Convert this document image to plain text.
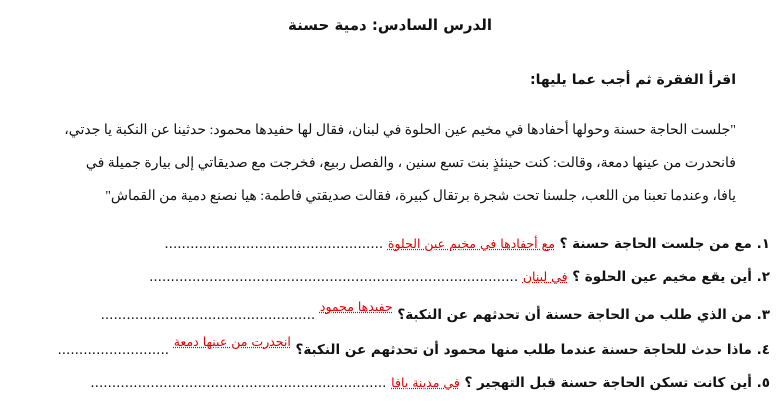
الدرس السادس: دمية حسنة
اقرأ الفقرة ثم أجب عما يليها:

"جلست الحاجة حسنة وحولها أحفادها في مخيم عين الحلوة في لبنان، فقال لها حفيدها محمود: حدثينا عن النكبة يا جدتي،

فانحدرت من عينها دمعة، وقالت: كنت حينئذٍ بنت تسع سنين ، والفصل ربيع، فخرجت مع صديقاتي إلى بيارة جميلة في

يافا، وعندما تعبنا من اللعب، جلسنا تحت شجرة برتقال كبيرة، فقالت صديقتي فاطمة: هيا نصنع دمية من القماش"

١. مع من جلست الحاجة حسنة ؟ مع أحفادها في مخيم عين الحلوة ...................................................
٢. أين يقع مخيم عين الحلوة ؟ في لبنان ......................................................................................
٣. من الذي طلب من الحاجة حسنة أن تحدثهم عن النكبة؟ حفيدها محمود ..................................................
٤. ماذا حدث للحاجة حسنة عندما طلب منها محمود أن تحدثهم عن النكبة؟ انحدرت من عينها دمعة ..........................
٥. أين كانت تسكن الحاجة حسنة قبل التهجير ؟ في مدينة يافا .....................................................................
